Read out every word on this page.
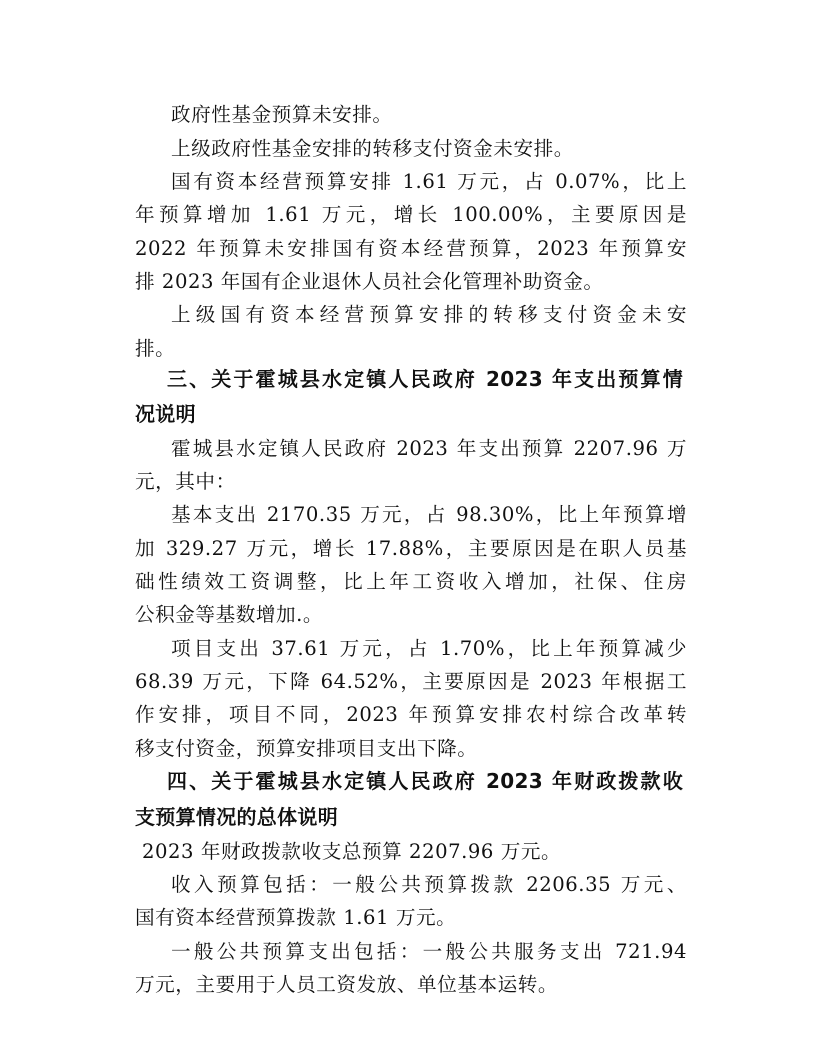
政府性基金预算未安排。
上级政府性基金安排的转移支付资金未安排。
国有资本经营预算安排 1.61 万元，占 0.07%，比上
年预算增加 1.61 万元，增长 100.00%，主要原因是
2022 年预算未安排国有资本经营预算，2023 年预算安
排 2023 年国有企业退休人员社会化管理补助资金。
上级国有资本经营预算安排的转移支付资金未安
排。
三、关于霍城县水定镇人民政府 2023 年支出预算情
况说明
霍城县水定镇人民政府 2023 年支出预算 2207.96 万
元，其中：
基本支出 2170.35 万元，占 98.30%，比上年预算增
加 329.27 万元，增长 17.88%，主要原因是在职人员基
础性绩效工资调整，比上年工资收入增加，社保、住房
公积金等基数增加.。
项目支出 37.61 万元，占 1.70%，比上年预算减少
68.39 万元，下降 64.52%，主要原因是 2023 年根据工
作安排，项目不同，2023 年预算安排农村综合改革转
移支付资金，预算安排项目支出下降。
四、关于霍城县水定镇人民政府 2023 年财政拨款收
支预算情况的总体说明
2023 年财政拨款收支总预算 2207.96 万元。
收入预算包括：一般公共预算拨款 2206.35 万元、
国有资本经营预算拨款 1.61 万元。
一般公共预算支出包括：一般公共服务支出 721.94
万元，主要用于人员工资发放、单位基本运转。
